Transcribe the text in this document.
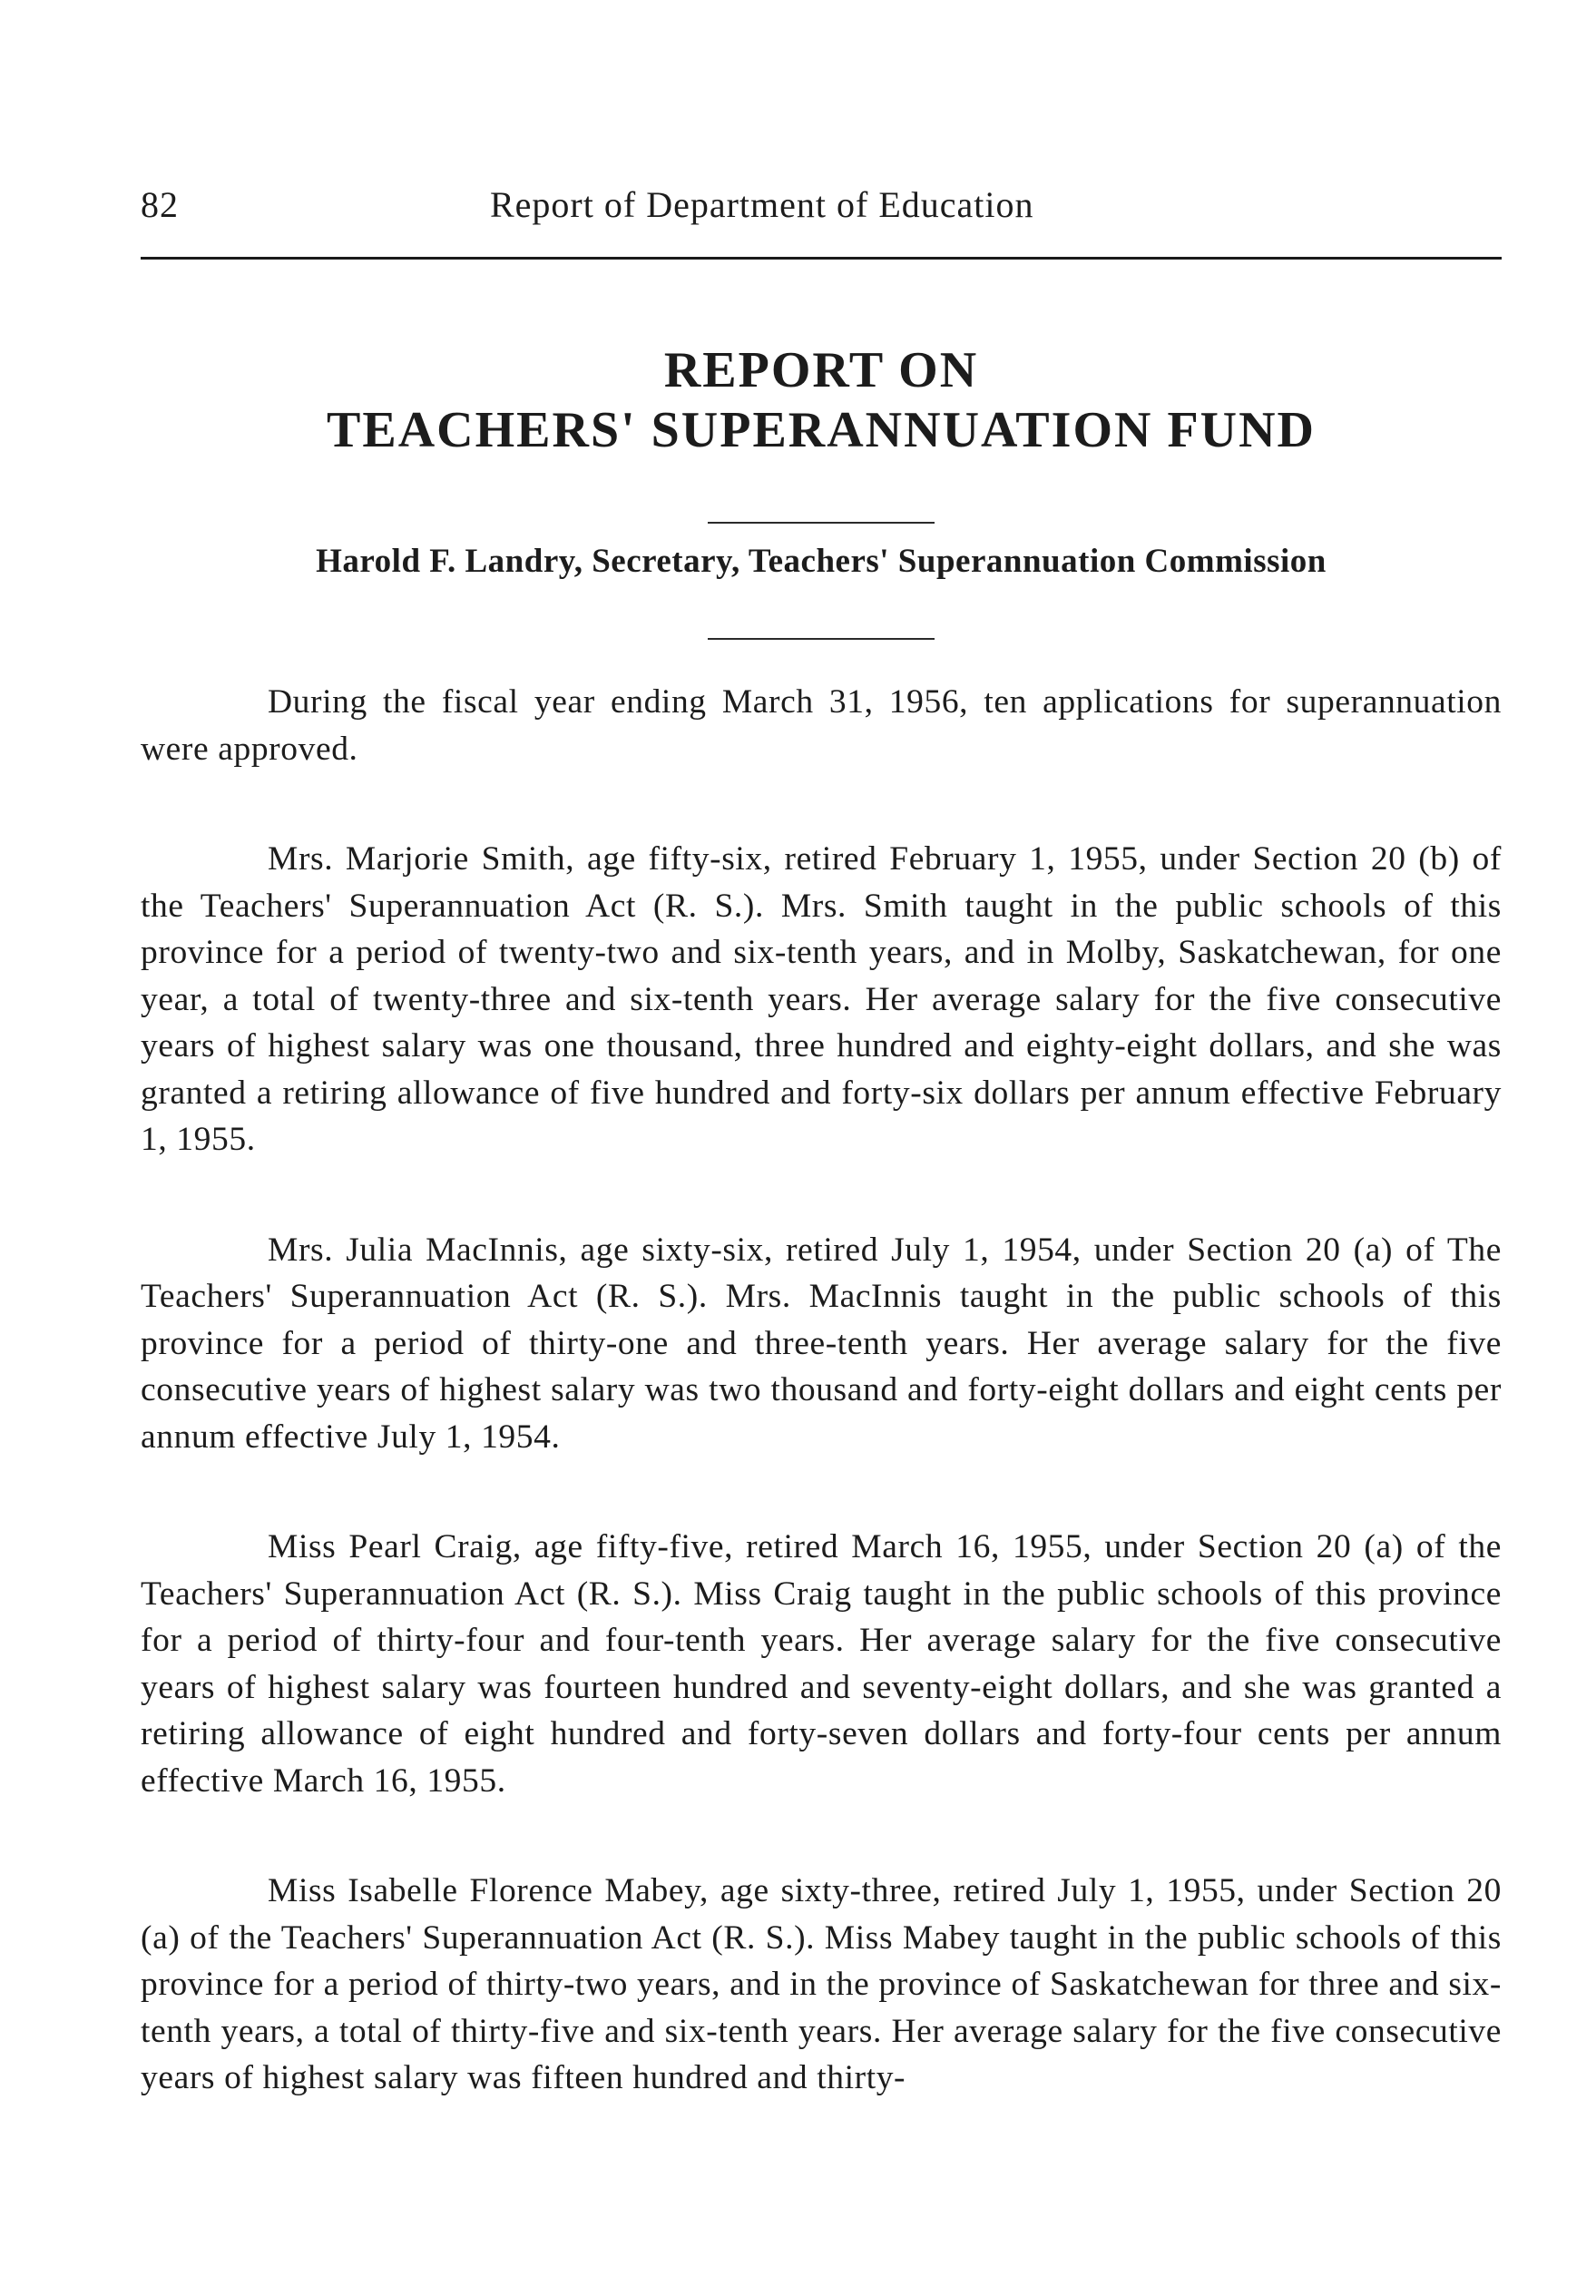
82	Report of Department of Education
REPORT ON
TEACHERS' SUPERANNUATION FUND
Harold F. Landry, Secretary, Teachers' Superannuation Commission

During the fiscal year ending March 31, 1956, ten applications for superannuation were approved.

Mrs. Marjorie Smith, age fifty-six, retired February 1, 1955, under Section 20 (b) of the Teachers' Superannuation Act (R. S.). Mrs. Smith taught in the public schools of this province for a period of twenty-two and six-tenth years, and in Molby, Saskatchewan, for one year, a total of twenty-three and six-tenth years. Her average salary for the five consecutive years of highest salary was one thousand, three hundred and eighty-eight dollars, and she was granted a retiring allowance of five hundred and forty-six dollars per annum effective February 1, 1955.

Mrs. Julia MacInnis, age sixty-six, retired July 1, 1954, under Section 20 (a) of The Teachers' Superannuation Act (R. S.). Mrs. MacInnis taught in the public schools of this province for a period of thirty-one and three-tenth years. Her average salary for the five consecutive years of highest salary was two thousand and forty-eight dollars and eight cents per annum effective July 1, 1954.

Miss Pearl Craig, age fifty-five, retired March 16, 1955, under Section 20 (a) of the Teachers' Superannuation Act (R. S.). Miss Craig taught in the public schools of this province for a period of thirty-four and four-tenth years. Her average salary for the five consecutive years of highest salary was fourteen hundred and seventy-eight dollars, and she was granted a retiring allowance of eight hundred and forty-seven dollars and forty-four cents per annum effective March 16, 1955.

Miss Isabelle Florence Mabey, age sixty-three, retired July 1, 1955, under Section 20 (a) of the Teachers' Superannuation Act (R. S.). Miss Mabey taught in the public schools of this province for a period of thirty-two years, and in the province of Saskatchewan for three and six-tenth years, a total of thirty-five and six-tenth years. Her average salary for the five consecutive years of highest salary was fifteen hundred and thirty-
